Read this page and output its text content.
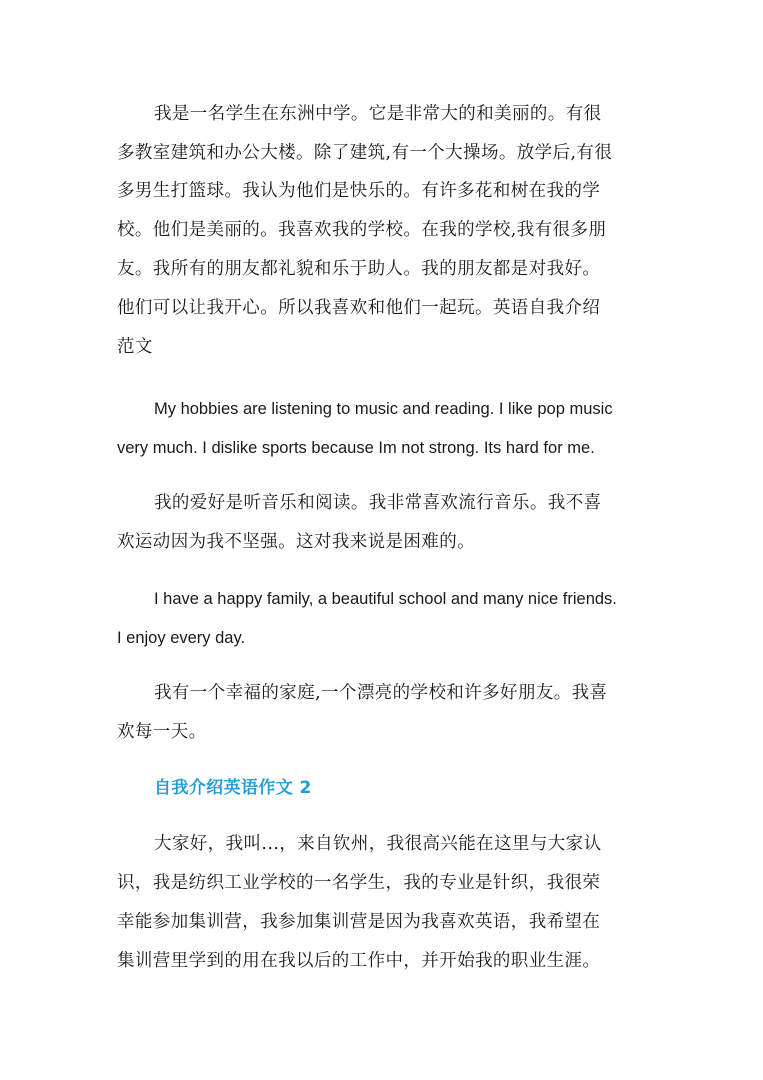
我是一名学生在东洲中学。它是非常大的和美丽的。有很
多教室建筑和办公大楼。除了建筑,有一个大操场。放学后,有很
多男生打篮球。我认为他们是快乐的。有许多花和树在我的学
校。他们是美丽的。我喜欢我的学校。在我的学校,我有很多朋
友。我所有的朋友都礼貌和乐于助人。我的朋友都是对我好。
他们可以让我开心。所以我喜欢和他们一起玩。英语自我介绍
范文
My hobbies are listening to music and reading. I like pop music
very much. I dislike sports because Im not strong. Its hard for me.
我的爱好是听音乐和阅读。我非常喜欢流行音乐。我不喜
欢运动因为我不坚强。这对我来说是困难的。
I have a happy family, a beautiful school and many nice friends.
I enjoy every day.
我有一个幸福的家庭,一个漂亮的学校和许多好朋友。我喜
欢每一天。
自我介绍英语作文 2
大家好，我叫...，来自钦州，我很高兴能在这里与大家认
识，我是纺织工业学校的一名学生，我的专业是针织，我很荣
幸能参加集训营，我参加集训营是因为我喜欢英语，我希望在
集训营里学到的用在我以后的工作中，并开始我的职业生涯。
